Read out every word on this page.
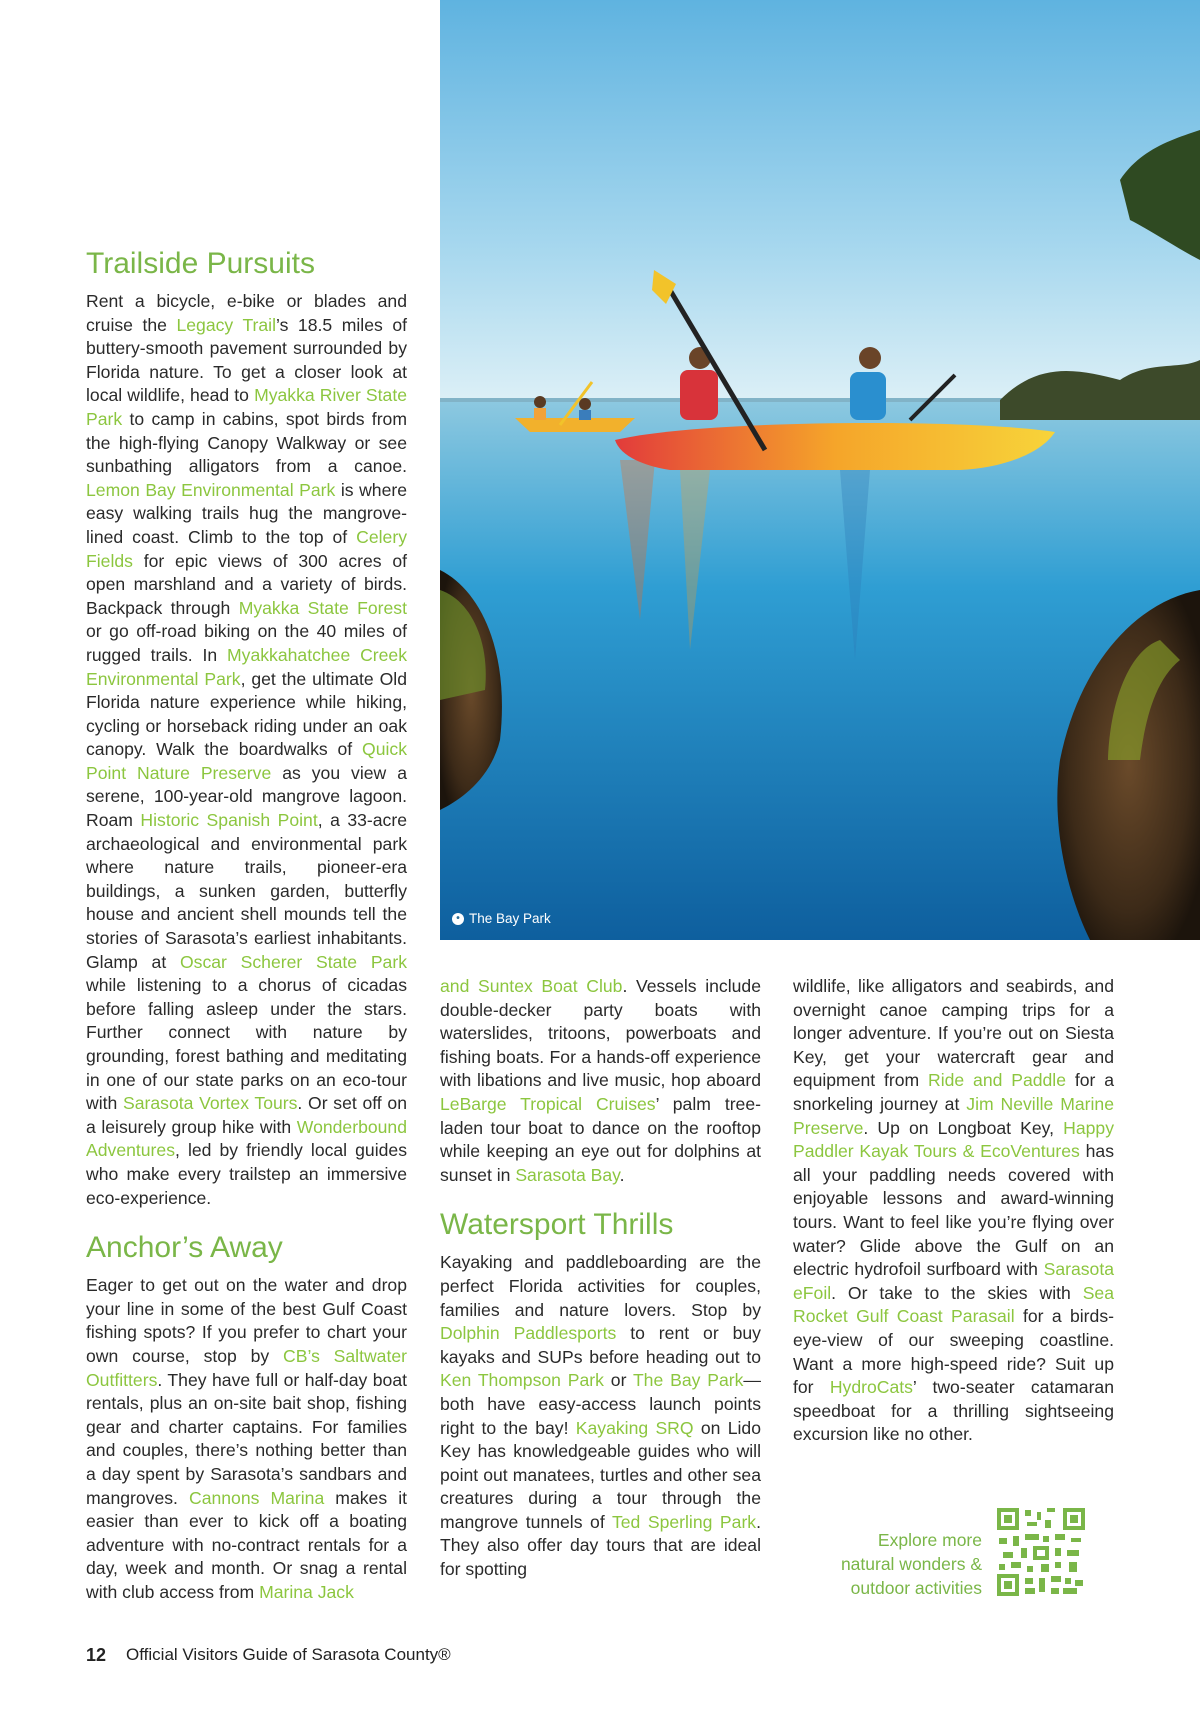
• The Bay Park
Trailside Pursuits

Rent a bicycle, e-bike or blades and cruise the Legacy Trail’s 18.5 miles of buttery-smooth pavement surrounded by Florida nature. To get a closer look at local wildlife, head to Myakka River State Park to camp in cabins, spot birds from the high-flying Canopy Walkway or see sunbathing alligators from a canoe. Lemon Bay Environmental Park is where easy walking trails hug the mangrove-lined coast. Climb to the top of Celery Fields for epic views of 300 acres of open marshland and a variety of birds. Backpack through Myakka State Forest or go off-road biking on the 40 miles of rugged trails. In Myakkahatchee Creek Environmental Park, get the ultimate Old Florida nature experience while hiking, cycling or horseback riding under an oak canopy. Walk the boardwalks of Quick Point Nature Preserve as you view a serene, 100-year-old mangrove lagoon. Roam Historic Spanish Point, a 33-acre archaeological and environmental park where nature trails, pioneer-era buildings, a sunken garden, butterfly house and ancient shell mounds tell the stories of Sarasota’s earliest inhabitants. Glamp at Oscar Scherer State Park while listening to a chorus of cicadas before falling asleep under the stars. Further connect with nature by grounding, forest bathing and meditating in one of our state parks on an eco-tour with Sarasota Vortex Tours. Or set off on a leisurely group hike with Wonderbound Adventures, led by friendly local guides who make every trailstep an immersive eco-experience.

Anchor’s Away

Eager to get out on the water and drop your line in some of the best Gulf Coast fishing spots? If you prefer to chart your own course, stop by CB’s Saltwater Outfitters. They have full or half-day boat rentals, plus an on-site bait shop, fishing gear and charter captains. For families and couples, there’s nothing better than a day spent by Sarasota’s sandbars and mangroves. Cannons Marina makes it easier than ever to kick off a boating adventure with no-contract rentals for a day, week and month. Or snag a rental with club access from Marina Jack

and Suntex Boat Club. Vessels include double-decker party boats with waterslides, tritoons, powerboats and fishing boats. For a hands-off experience with libations and live music, hop aboard LeBarge Tropical Cruises’ palm tree-laden tour boat to dance on the rooftop while keeping an eye out for dolphins at sunset in Sarasota Bay.

Watersport Thrills

Kayaking and paddleboarding are the perfect Florida activities for couples, families and nature lovers. Stop by Dolphin Paddlesports to rent or buy kayaks and SUPs before heading out to Ken Thompson Park or The Bay Park—both have easy-access launch points right to the bay! Kayaking SRQ on Lido Key has knowledgeable guides who will point out manatees, turtles and other sea creatures during a tour through the mangrove tunnels of Ted Sperling Park. They also offer day tours that are ideal for spotting

wildlife, like alligators and seabirds, and overnight canoe camping trips for a longer adventure. If you’re out on Siesta Key, get your watercraft gear and equipment from Ride and Paddle for a snorkeling journey at Jim Neville Marine Preserve. Up on Longboat Key, Happy Paddler Kayak Tours & EcoVentures has all your paddling needs covered with enjoyable lessons and award-winning tours. Want to feel like you’re flying over water? Glide above the Gulf on an electric hydrofoil surfboard with Sarasota eFoil. Or take to the skies with Sea Rocket Gulf Coast Parasail for a birds-eye-view of our sweeping coastline. Want a more high-speed ride? Suit up for HydroCats’ two-seater catamaran speedboat for a thrilling sightseeing excursion like no other.

Explore more
natural wonders &
outdoor activities
12 Official Visitors Guide of Sarasota County®
